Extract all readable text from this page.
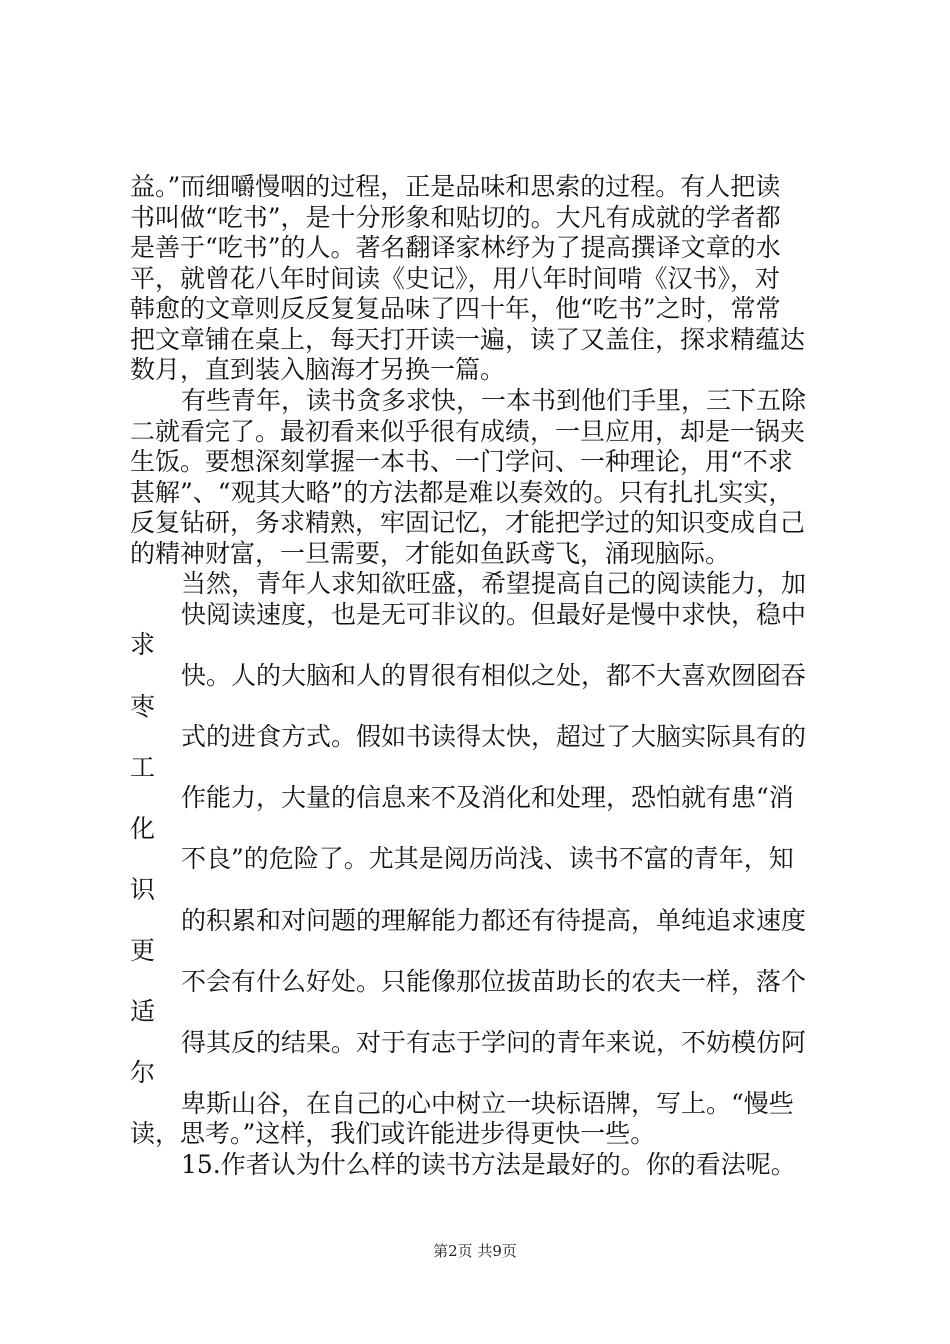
益。”而细嚼慢咽的过程，正是品味和思索的过程。有人把读
书叫做“吃书”，是十分形象和贴切的。大凡有成就的学者都
是善于“吃书”的人。著名翻译家林纾为了提高撰译文章的水
平，就曾花八年时间读《史记》，用八年时间啃《汉书》，对
韩愈的文章则反反复复品味了四十年，他“吃书”之时，常常
把文章铺在桌上，每天打开读一遍，读了又盖住，探求精蕴达
数月，直到装入脑海才另换一篇。
有些青年，读书贪多求快，一本书到他们手里，三下五除
二就看完了。最初看来似乎很有成绩，一旦应用，却是一锅夹
生饭。要想深刻掌握一本书、一门学问、一种理论，用“不求
甚解”、“观其大略”的方法都是难以奏效的。只有扎扎实实，
反复钻研，务求精熟，牢固记忆，才能把学过的知识变成自己
的精神财富，一旦需要，才能如鱼跃鸢飞，涌现脑际。
当然，青年人求知欲旺盛，希望提高自己的阅读能力，加
快阅读速度，也是无可非议的。但最好是慢中求快，稳中
求
快。人的大脑和人的胃很有相似之处，都不大喜欢囫囵吞
枣
式的进食方式。假如书读得太快，超过了大脑实际具有的
工
作能力，大量的信息来不及消化和处理，恐怕就有患“消
化
不良”的危险了。尤其是阅历尚浅、读书不富的青年，知
识
的积累和对问题的理解能力都还有待提高，单纯追求速度
更
不会有什么好处。只能像那位拔苗助长的农夫一样，落个
适
得其反的结果。对于有志于学问的青年来说，不妨模仿阿
尔
卑斯山谷，在自己的心中树立一块标语牌，写上。“慢些
读，思考。”这样，我们或许能进步得更快一些。
15.作者认为什么样的读书方法是最好的。你的看法呢。
第2页 共9页
